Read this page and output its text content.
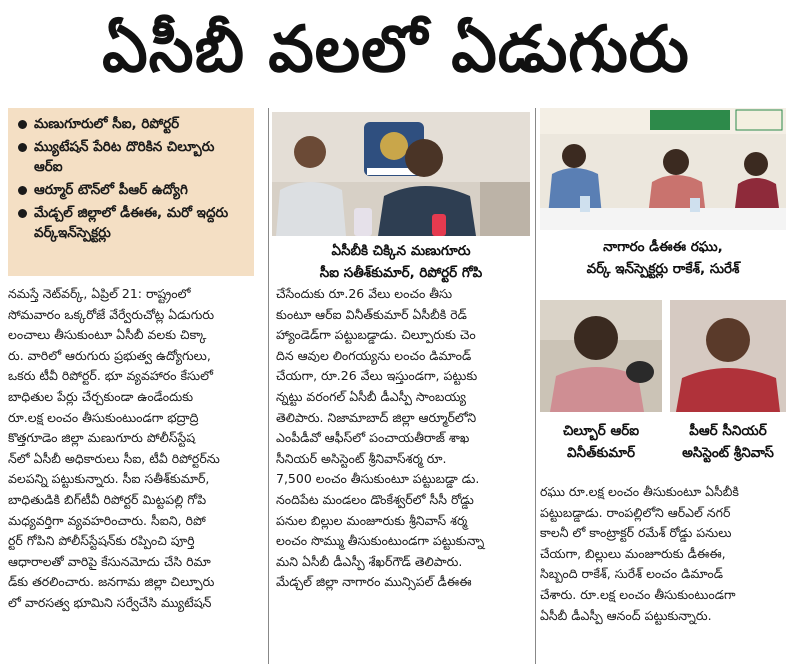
ఏసీబీ వలలో ఏడుగురు
మణుగూరులో సీఐ, రిపోర్టర్
మ్యుటేషన్ పేరిట దొరికిన చిల్బూరు ఆర్ఐ
ఆర్మూర్ టౌన్‌లో పీఆర్ ఉద్యోగి
మేడ్చల్ జిల్లాలో డీఈఈ, మరో ఇద్దరు వర్క్ఇన్‌స్పెక్టర్లు
ఏసీబీకి చిక్కిన మణుగూరు
సీఐ సతీశ్‌కుమార్, రిపోర్టర్ గోపి
నాగారం డీఈఈ రఘు,
వర్క్ ఇన్‌స్పెక్టర్లు రాకేశ్, సురేశ్
చిల్బూర్ ఆర్ఐ
వినీత్‌కుమార్
పీఆర్ సీనియర్
అసిస్టెంట్ శ్రీనివాస్

నమస్తే నెట్‌వర్క్, ఏప్రిల్ 21: రాష్ట్రంలో

సోమవారం ఒక్కరోజే వేర్వేరుచోట్ల ఏడుగురు

లంచాలు తీసుకుంటూ ఏసీబీ వలకు చిక్కా

రు. వారిలో ఆరుగురు ప్రభుత్వ ఉద్యోగులు,

ఒకరు టీవీ రిపోర్టర్. భూ వ్యవహారం కేసులో

బాధితుల పేర్లు చేర్చకుండా ఉండేందుకు

రూ.లక్ష లంచం తీసుకుంటుండగా భద్రాద్రి

కొత్తగూడెం జిల్లా మణుగూరు పోలీస్‌స్టేష

న్‌లో ఏసీబీ అధికారులు సీఐ, టీవీ రిపోర్టర్‌ను

వలపన్ని పట్టుకున్నారు. సీఐ సతీశ్‌కుమార్,

బాధితుడికి బిగ్‌టీవీ రిపోర్టర్ మిట్టపల్లి గోపి

మధ్యవర్తిగా వ్యవహరించారు. సీఐని, రిపో

ర్టర్ గోపిని పోలీస్‌స్టేషన్‌కు రప్పించి పూర్తి

ఆధారాలతో వారిపై కేసునమోదు చేసి రిమా

డ్‌కు తరలించారు. జనగామ జిల్లా చిల్పూరు

లో వారసత్వ భూమిని సర్వేచేసి మ్యుటేషన్

చేసేందుకు రూ.26 వేలు లంచం తీసు

కుంటూ ఆర్ఐ వినీత్‌కుమార్ ఏసీబీకి రెడ్

హ్యాండెడ్‌గా పట్టుబడ్డాడు. చిల్పూరుకు చెం

దిన ఆవుల లింగయ్యను లంచం డిమాండ్

చేయగా, రూ.26 వేలు ఇస్తుండగా, పట్టుకు

న్నట్టు వరంగల్ ఏసీబీ డీఎస్పీ సాంబయ్య

తెలిపారు. నిజామాబాద్ జిల్లా ఆర్మూర్‌లోని

ఎంపీడీవో ఆఫీస్‌లో పంచాయతీరాజ్ శాఖ

సీనియర్ అసిస్టెంట్ శ్రీనివాస్‌శర్మ రూ.

7,500 లంచం తీసుకుంటూ పట్టుబడ్డా డు.

నందిపేట మండలం డొంకేశ్వర్‌లో సీసీ రోడ్డు

పనుల బిల్లుల మంజూరుకు శ్రీనివాస్ శర్మ

లంచం సొమ్ము తీసుకుంటుండగా పట్టుకున్నా

మని ఏసీబీ డీఎస్పీ శేఖర్‌గౌడ్ తెలిపారు.

మేడ్చల్ జిల్లా నాగారం మున్సిపల్ డీఈఈ

రఘు రూ.లక్ష లంచం తీసుకుంటూ ఏసీబీకి

పట్టుబడ్డాడు. రాంపల్లిలోని ఆర్ఎల్ నగర్

కాలనీ లో కాంట్రాక్టర్ రమేశ్ రోడ్డు పనులు

చేయగా, బిల్లులు మంజూరుకు డీఈఈ,

సిబ్బంది రాకేశ్, సురేశ్ లంచం డిమాండ్

చేశారు. రూ.లక్ష లంచం తీసుకుంటుండగా

ఏసీబీ డీఎస్పీ ఆనంద్ పట్టుకున్నారు.
